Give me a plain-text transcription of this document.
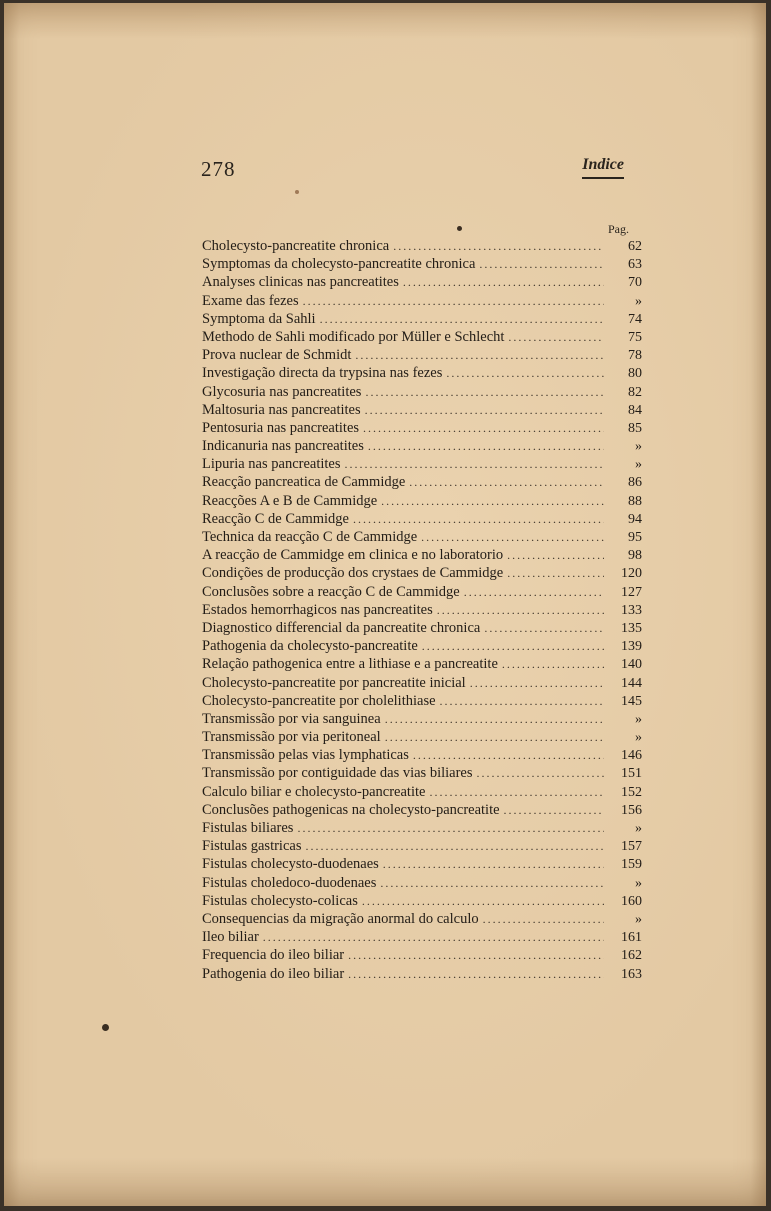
278	Indice
Pag.
Cholecysto-pancreatite chronica .....	62
Symptomas da cholecysto-pancreatite chronica .....	63
Analyses clinicas nas pancreatites .....	70
Exame das fezes .....	»
Symptoma da Sahli .....	74
Methodo de Sahli modificado por Müller e Schlecht .....	75
Prova nuclear de Schmidt .....	78
Investigação directa da trypsina nas fezes .....	80
Glycosuria nas pancreatites .....	82
Maltosuria nas pancreatites .....	84
Pentosuria nas pancreatites .....	85
Indicanuria nas pancreatites .....	»
Lipuria nas pancreatites .....	»
Reacção pancreatica de Cammidge .....	86
Reacções A e B de Cammidge .....	88
Reacção C de Cammidge .....	94
Technica da reacção C de Cammidge .....	95
A reacção de Cammidge em clinica e no laboratorio .....	98
Condições de producção dos crystaes de Cammidge .....	120
Conclusões sobre a reacção C de Cammidge .....	127
Estados hemorrhagicos nas pancreatites .....	133
Diagnostico differencial da pancreatite chronica .....	135
Pathogenia da cholecysto-pancreatite .....	139
Relação pathogenica entre a lithiase e a pancreatite .....	140
Cholecysto-pancreatite por pancreatite inicial .....	144
Cholecysto-pancreatite por cholelithiase .....	145
Transmissão por via sanguinea .....	»
Transmissão por via peritoneal .....	»
Transmissão pelas vias lymphaticas .....	146
Transmissão por contiguidade das vias biliares .....	151
Calculo biliar e cholecysto-pancreatite .....	152
Conclusões pathogenicas na cholecysto-pancreatite .....	156
Fistulas biliares .....	»
Fistulas gastricas .....	157
Fistulas cholecysto-duodenaes .....	159
Fistulas choledoco-duodenaes .....	»
Fistulas cholecysto-colicas .....	160
Consequencias da migração anormal do calculo .....	»
Ileo biliar .....	161
Frequencia do ileo biliar .....	162
Pathogenia do ileo biliar .....	163
